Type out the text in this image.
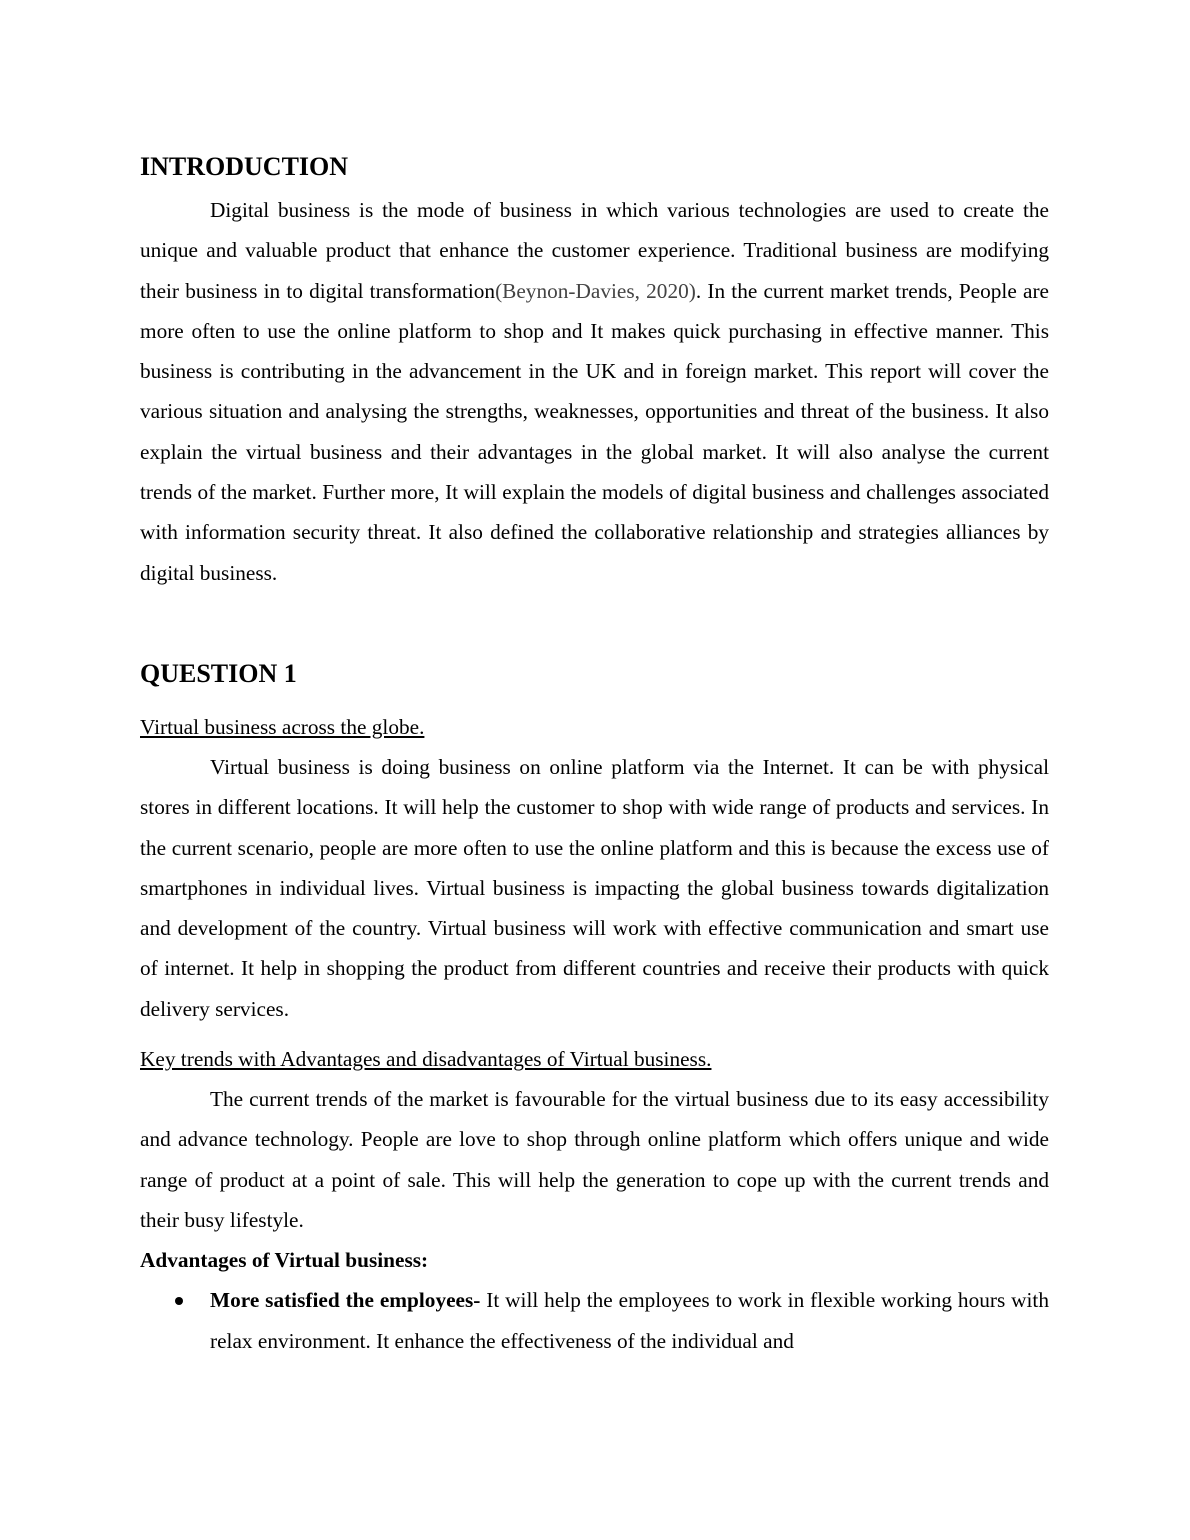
INTRODUCTION

Digital business is the mode of business in which various technologies are used to create the unique and valuable product that enhance the customer experience. Traditional business are modifying their business in to digital transformation(Beynon-Davies, 2020). In the current market trends, People are more often to use the online platform to shop and It makes quick purchasing in effective manner. This business is contributing in the advancement in the UK and in foreign market. This report will cover the various situation and analysing the strengths, weaknesses, opportunities and threat of the business. It also explain the virtual business and their advantages in the global market. It will also analyse the current trends of the market. Further more, It will explain the models of digital business and challenges associated with information security threat. It also defined the collaborative relationship and strategies alliances by digital business.

QUESTION 1

Virtual business across the globe.

Virtual business is doing business on online platform via the Internet. It can be with physical stores in different locations. It will help the customer to shop with wide range of products and services. In the current scenario, people are more often to use the online platform and this is because the excess use of smartphones in individual lives. Virtual business is impacting the global business towards digitalization and development of the country. Virtual business will work with effective communication and smart use of internet. It help in shopping the product from different countries and receive their products with quick delivery services.

Key trends with Advantages and disadvantages of Virtual business.

The current trends of the market is favourable for the virtual business due to its easy accessibility and advance technology. People are love to shop through online platform which offers unique and wide range of product at a point of sale. This will help the generation to cope up with the current trends and their busy lifestyle.

Advantages of Virtual business:

More satisfied the employees- It will help the employees to work in flexible working hours with relax environment. It enhance the effectiveness of the individual and
